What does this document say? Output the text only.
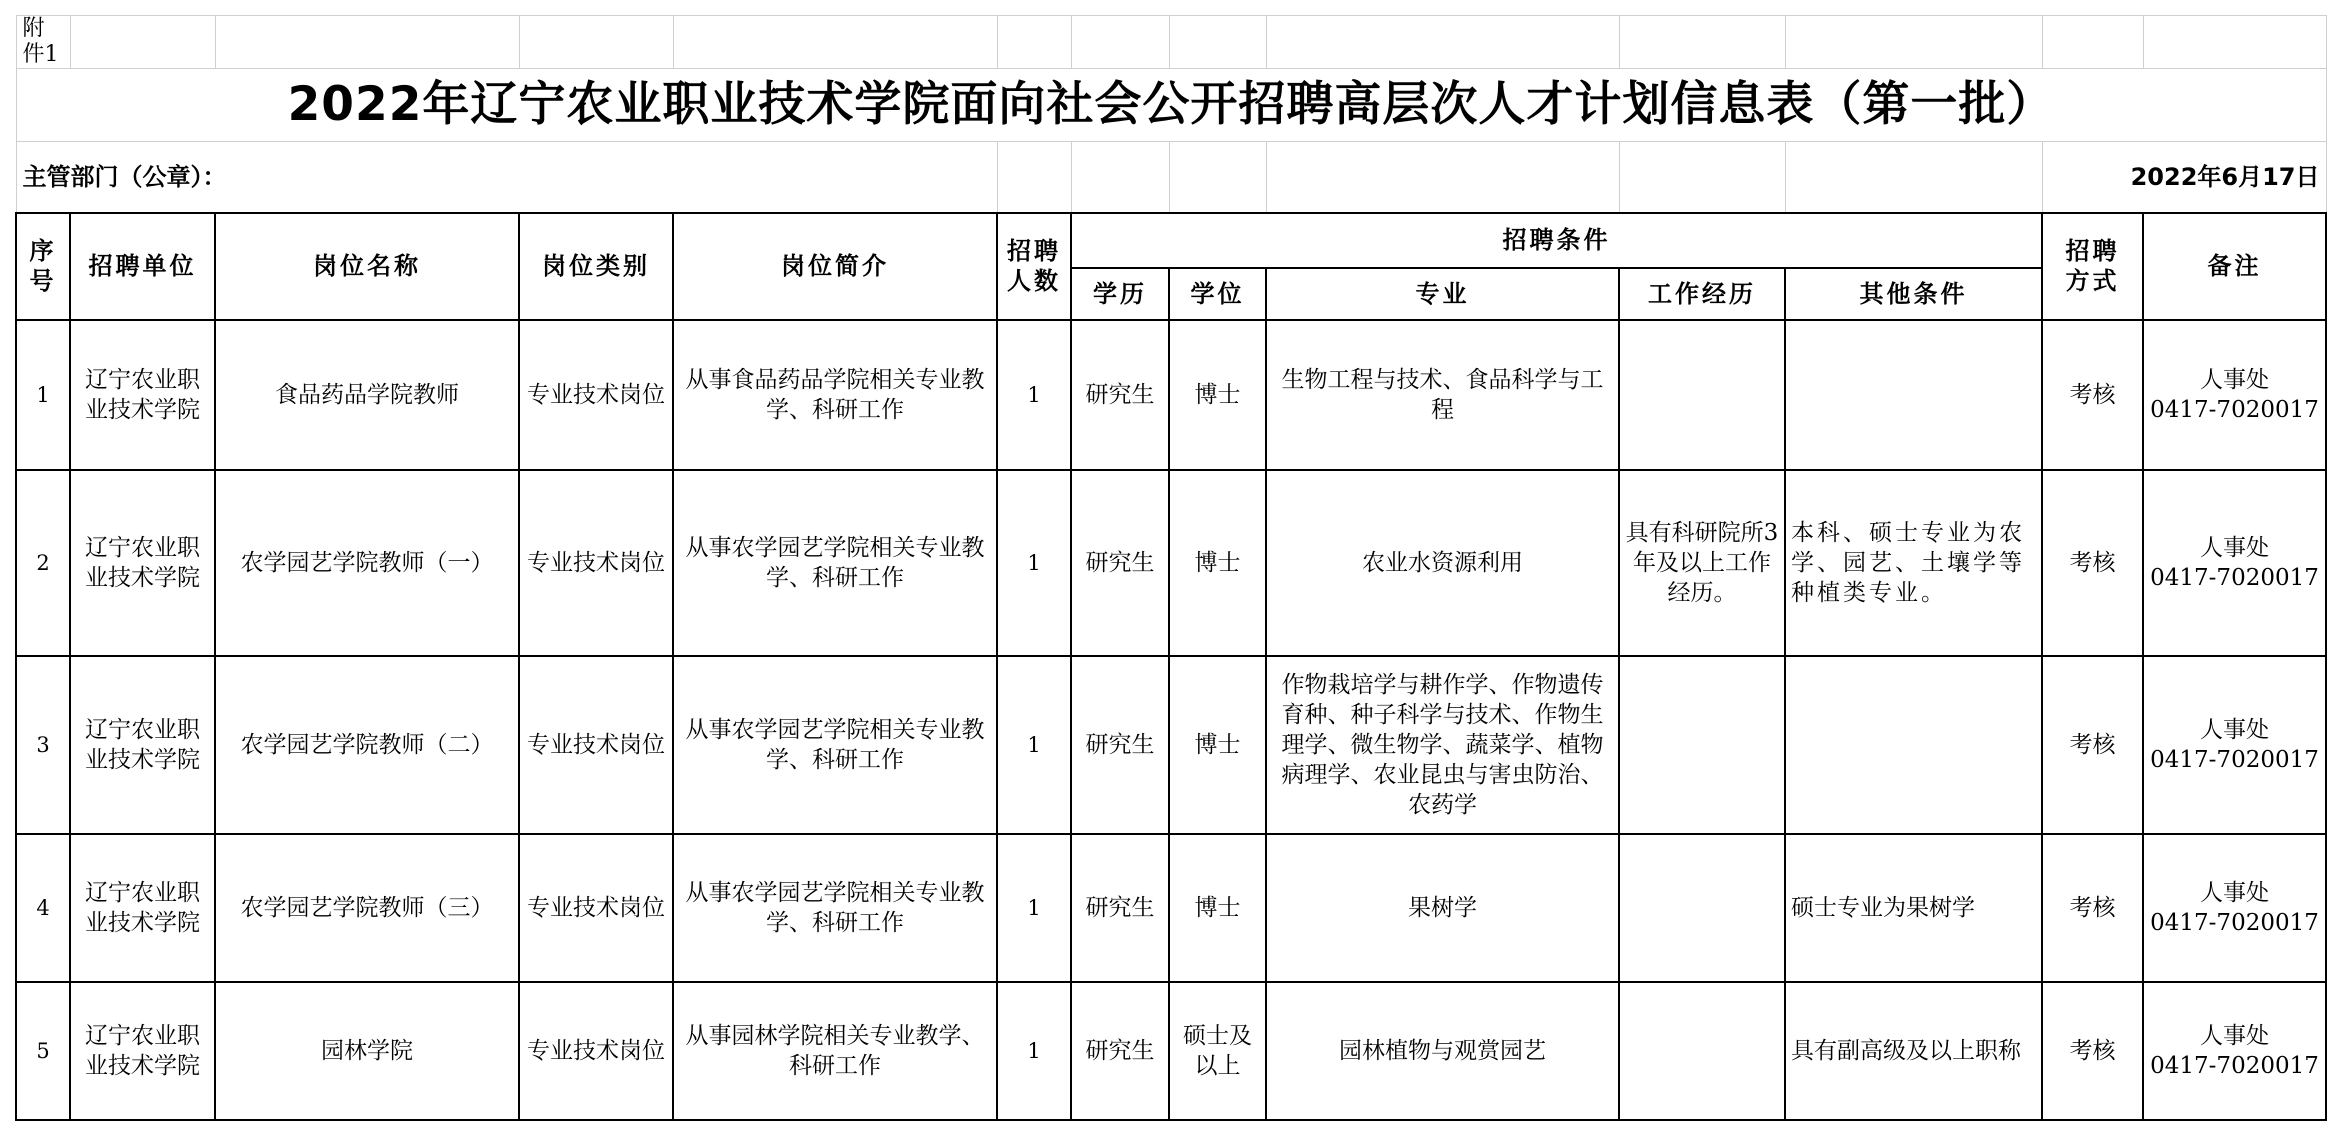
附件1												
2022年辽宁农业职业技术学院面向社会公开招聘高层次人才计划信息表（第一批）												
主管部门（公章）：											2022年6月17日	
序号	招聘单位	岗位名称	岗位类别	岗位简介	招聘人数	招聘条件					招聘方式	备注
						学历	学位	专业	工作经历	其他条件		
1	辽宁农业职业技术学院	食品药品学院教师	专业技术岗位	从事食品药品学院相关专业教学、科研工作	1	研究生	博士	生物工程与技术、食品科学与工程			考核	人事处
0417-7020017

2	辽宁农业职业技术学院	农学园艺学院教师（一）	专业技术岗位	从事农学园艺学院相关专业教学、科研工作	1	研究生	博士	农业水资源利用	具有科研院所3年及以上工作经历。	本科、硕士专业为农学、园艺、土壤学等种植类专业。	考核	人事处
0417-7020017

3	辽宁农业职业技术学院	农学园艺学院教师（二）	专业技术岗位	从事农学园艺学院相关专业教学、科研工作	1	研究生	博士	作物栽培学与耕作学、作物遗传育种、种子科学与技术、作物生理学、微生物学、蔬菜学、植物病理学、农业昆虫与害虫防治、农药学			考核	人事处
0417-7020017

4	辽宁农业职业技术学院	农学园艺学院教师（三）	专业技术岗位	从事农学园艺学院相关专业教学、科研工作	1	研究生	博士	果树学		硕士专业为果树学	考核	人事处
0417-7020017

5	辽宁农业职业技术学院	园林学院	专业技术岗位	从事园林学院相关专业教学、科研工作	1	研究生	硕士及以上	园林植物与观赏园艺		具有副高级及以上职称	考核	人事处
0417-7020017
